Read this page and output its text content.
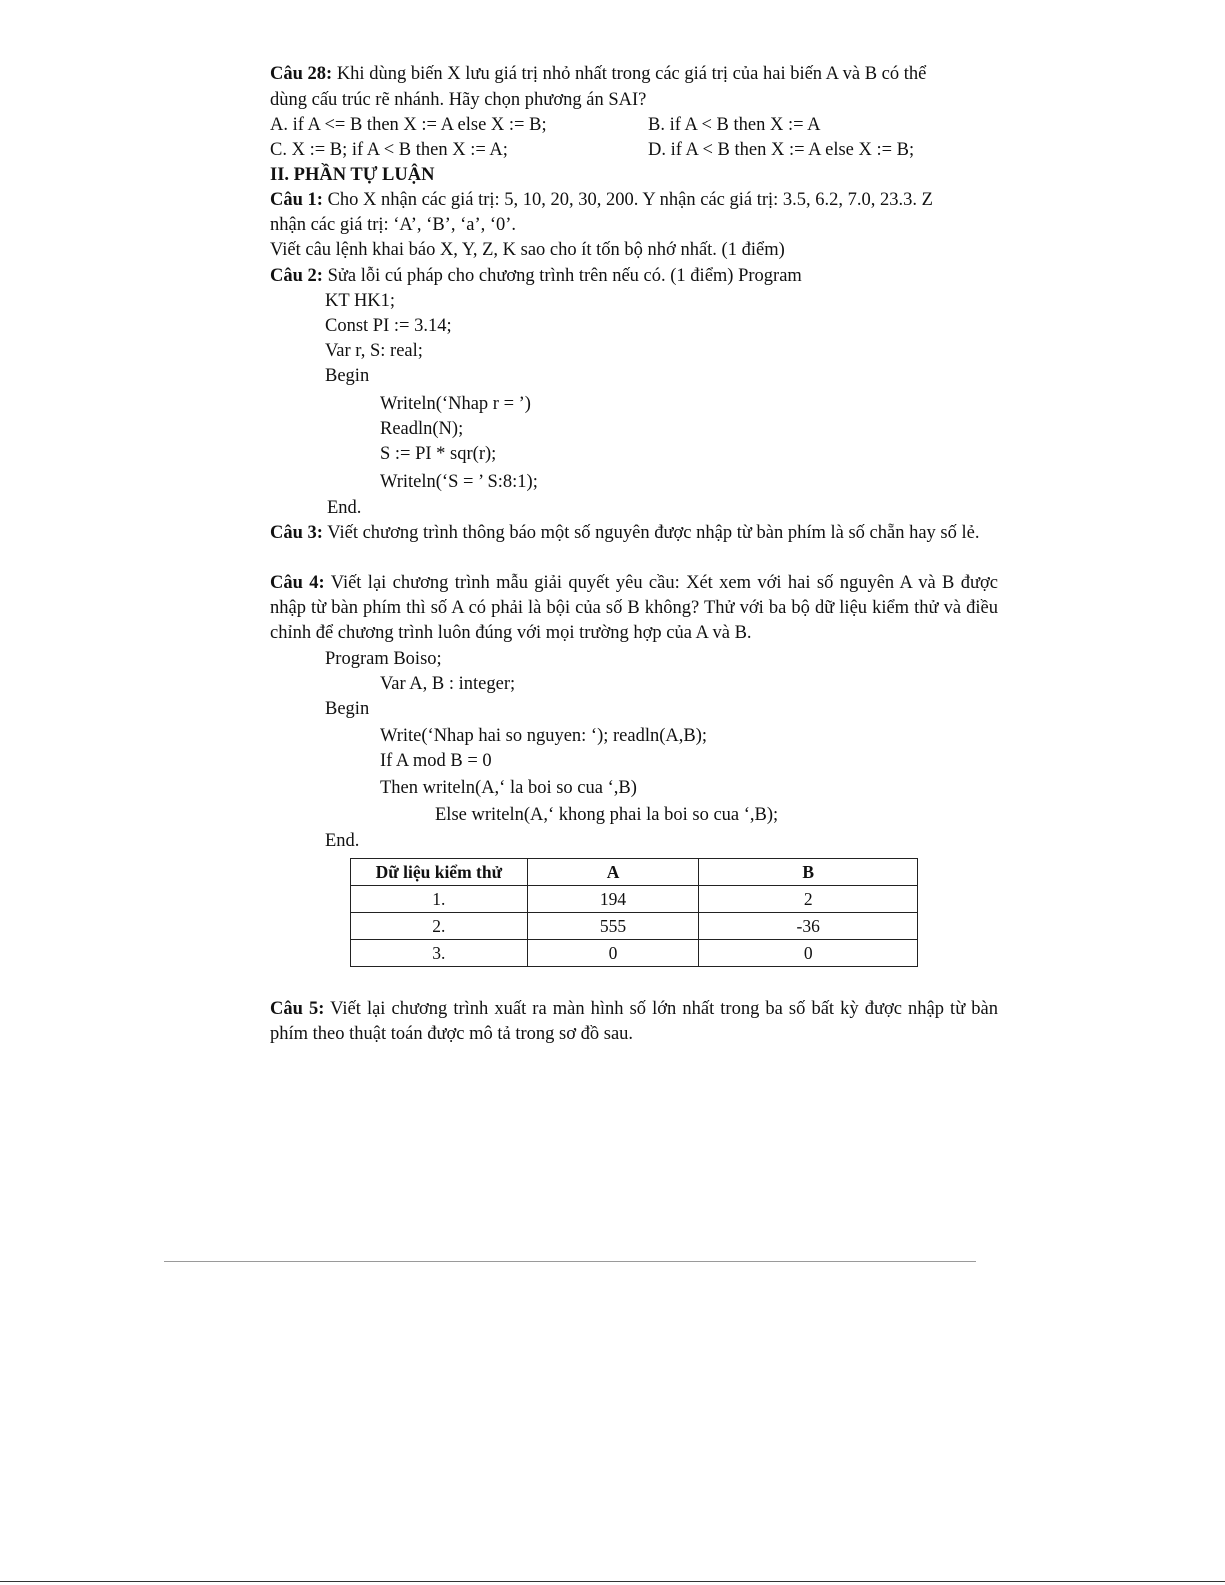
Câu 28: Khi dùng biến X lưu giá trị nhỏ nhất trong các giá trị của hai biến A và B có thể
dùng cấu trúc rẽ nhánh. Hãy chọn phương án SAI?
A. if A <= B then X := A else X := B;	B. if A < B then X := A
C. X := B; if A < B then X := A;	D. if A < B then X := A else X := B;
II. PHẦN TỰ LUẬN
Câu 1: Cho X nhận các giá trị: 5, 10, 20, 30, 200. Y nhận các giá trị: 3.5, 6.2, 7.0, 23.3. Z
nhận các giá trị: ‘A’, ‘B’, ‘a’, ‘0’.
Viết câu lệnh khai báo X, Y, Z, K sao cho ít tốn bộ nhớ nhất. (1 điểm)
Câu 2: Sửa lỗi cú pháp cho chương trình trên nếu có. (1 điểm) Program
KT HK1;
Const PI := 3.14;
Var r, S: real;
Begin
Writeln(‘Nhap r = ’)
Readln(N);
S := PI * sqr(r);
Writeln(‘S = ’ S:8:1);
End.
Câu 3: Viết chương trình thông báo một số nguyên được nhập từ bàn phím là số chẵn hay số lẻ.
Câu 4: Viết lại chương trình mẫu giải quyết yêu cầu: Xét xem với hai số nguyên A và B được nhập từ bàn phím thì số A có phải là bội của số B không? Thử với ba bộ dữ liệu kiểm thử và điều chỉnh để chương trình luôn đúng với mọi trường hợp của A và B.
Program Boiso;
Var A, B : integer;
Begin
Write(‘Nhap hai so nguyen: ‘); readln(A,B);
If A mod B = 0
Then writeln(A,‘ la boi so cua ‘,B)
Else writeln(A,‘ khong phai la boi so cua ‘,B);
End.
Dữ liệu kiểm thử	A	B
1.	194	2
2.	555	-36
3.	0	0
Câu 5: Viết lại chương trình xuất ra màn hình số lớn nhất trong ba số bất kỳ được nhập từ bàn phím theo thuật toán được mô tả trong sơ đồ sau.
